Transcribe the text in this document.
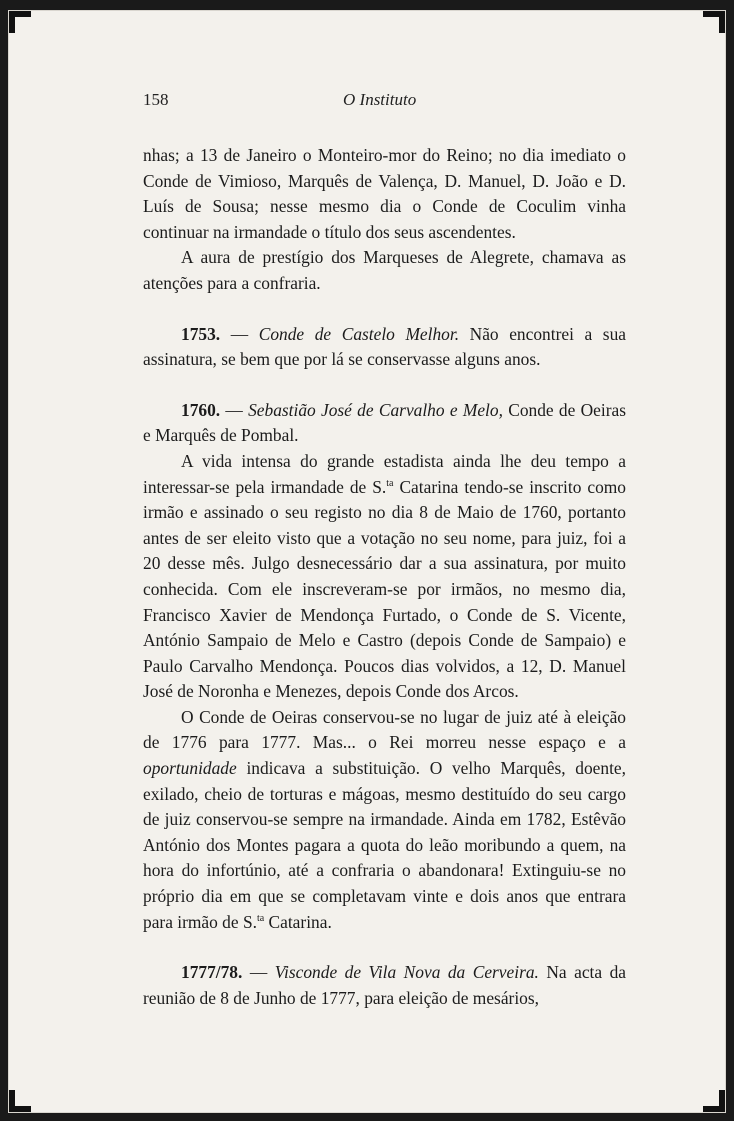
158	O Instituto

nhas; a 13 de Janeiro o Monteiro-mor do Reino; no dia imediato o Conde de Vimioso, Marquês de Valença, D. Manuel, D. João e D. Luís de Sousa; nesse mesmo dia o Conde de Coculim vinha continuar na irmandade o título dos seus ascendentes.

A aura de prestígio dos Marqueses de Alegrete, chamava as atenções para a confraria.

1753. — Conde de Castelo Melhor. Não encontrei a sua assinatura, se bem que por lá se conservasse alguns anos.

1760. — Sebastião José de Carvalho e Melo, Conde de Oeiras e Marquês de Pombal.

A vida intensa do grande estadista ainda lhe deu tempo a interessar-se pela irmandade de S.$^{ta}$ Catarina tendo-se inscrito como irmão e assinado o seu registo no dia 8 de Maio de 1760, portanto antes de ser eleito visto que a votação no seu nome, para juiz, foi a 20 desse mês. Julgo desnecessário dar a sua assinatura, por muito conhecida. Com ele inscreveram-se por irmãos, no mesmo dia, Francisco Xavier de Mendonça Furtado, o Conde de S. Vicente, António Sampaio de Melo e Castro (depois Conde de Sampaio) e Paulo Carvalho Mendonça. Poucos dias volvidos, a 12, D. Manuel José de Noronha e Menezes, depois Conde dos Arcos.

O Conde de Oeiras conservou-se no lugar de juiz até à eleição de 1776 para 1777. Mas... o Rei morreu nesse espaço e a oportunidade indicava a substituição. O velho Marquês, doente, exilado, cheio de torturas e mágoas, mesmo destituído do seu cargo de juiz conservou-se sempre na irmandade. Ainda em 1782, Estêvão António dos Montes pagara a quota do leão moribundo a quem, na hora do infortúnio, até a confraria o abandonara! Extinguiu-se no próprio dia em que se completavam vinte e dois anos que entrara para irmão de S.$^{ta}$ Catarina.

1777/78. — Visconde de Vila Nova da Cerveira. Na acta da reunião de 8 de Junho de 1777, para eleição de mesários,
